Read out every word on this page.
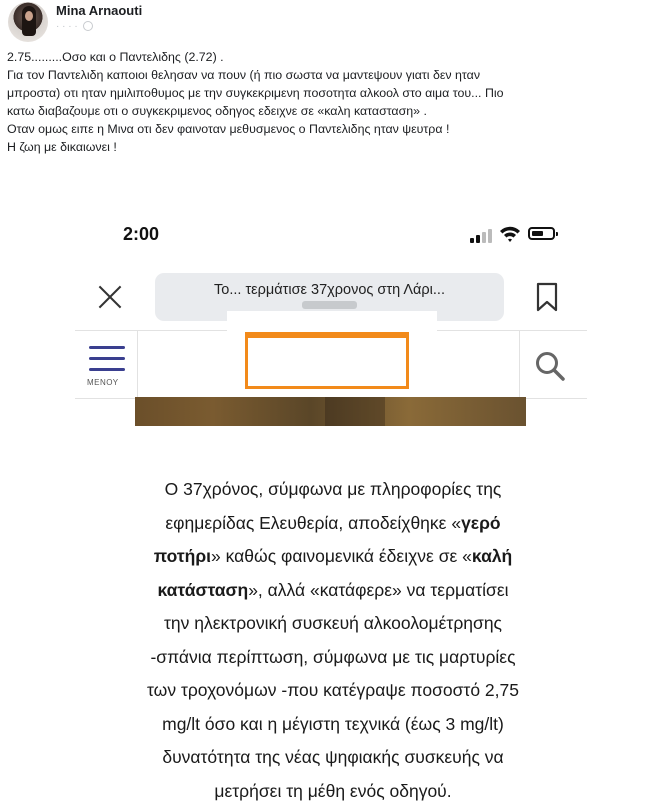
Mina Arnaouti
· · · ·

2.75.........Οσο και ο Παντελιδης (2.72) .

Για τον Παντελιδη καποιοι θελησαν να πουν (ή πιο σωστα να μαντεψουν γιατι δεν ηταν

μπροστα) οτι ηταν ημιλιποθυμος με την συγκεκριμενη ποσοτητα αλκοολ στο αιμα του... Πιο

κατω διαβαζουμε οτι ο συγκεκριμενος οδηγος εδειχνε σε «καλη κατασταση» .

Οταν ομως ειπε η Μινα οτι δεν φαινοταν μεθυσμενος ο Παντελιδης ηταν ψευτρα !

Η ζωη με δικαιωνει !

2:00
Το... τερμάτισε 37χρονος στη Λάρι...
ΜΕΝΟΥ

Ο 37χρόνος, σύμφωνα με πληροφορίες της

εφημερίδας Ελευθερία, αποδείχθηκε «γερό

ποτήρι» καθώς φαινομενικά έδειχνε σε «καλή

κατάσταση», αλλά «κατάφερε» να τερματίσει

την ηλεκτρονική συσκευή αλκοολομέτρησης

-σπάνια περίπτωση, σύμφωνα με τις μαρτυρίες

των τροχονόμων -που κατέγραψε ποσοστό 2,75

mg/lt όσο και η μέγιστη τεχνικά (έως 3 mg/lt)

δυνατότητα της νέας ψηφιακής συσκευής να

μετρήσει τη μέθη ενός οδηγού.
